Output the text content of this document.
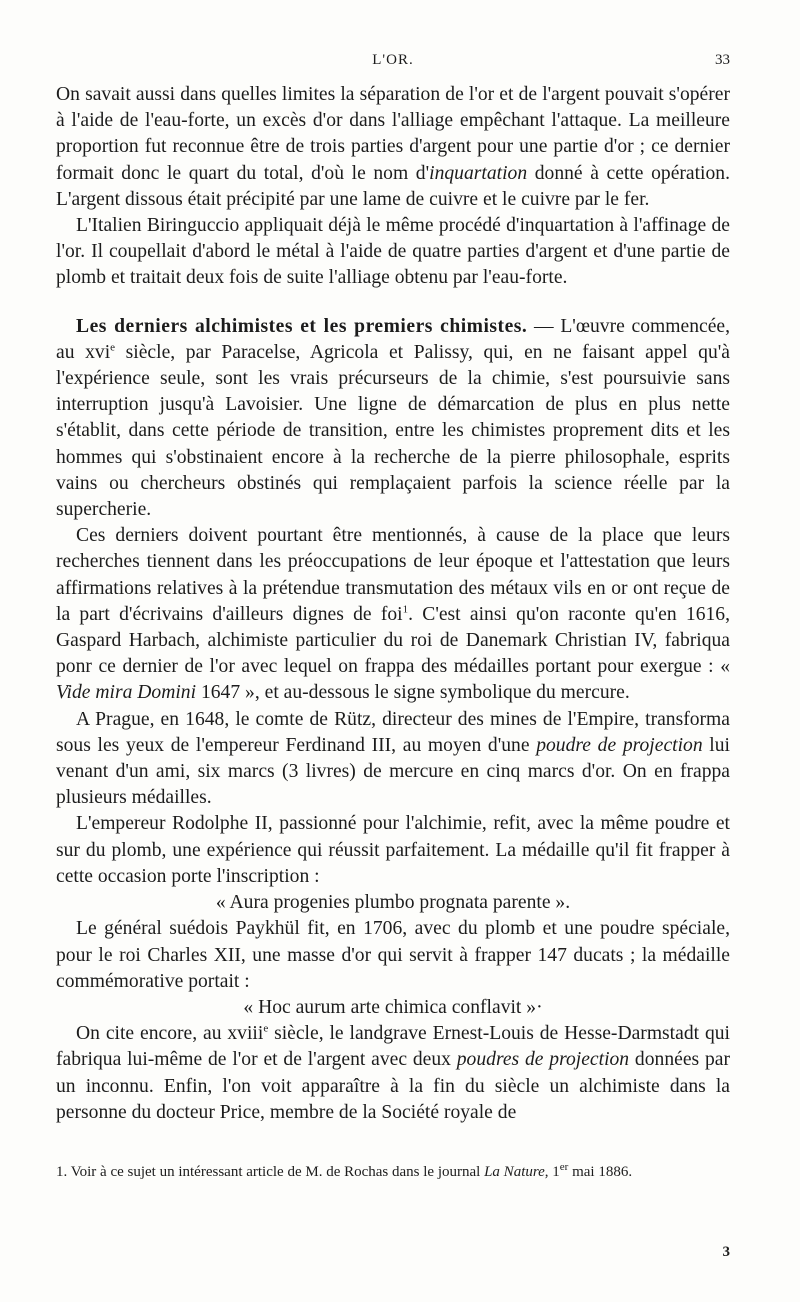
L'OR.	33

On savait aussi dans quelles limites la séparation de l'or et de l'argent pouvait s'opérer à l'aide de l'eau-forte, un excès d'or dans l'alliage empêchant l'attaque. La meilleure proportion fut reconnue être de trois parties d'argent pour une partie d'or ; ce dernier formait donc le quart du total, d'où le nom d'inquartation donné à cette opération. L'argent dissous était précipité par une lame de cuivre et le cuivre par le fer.

L'Italien Biringuccio appliquait déjà le même procédé d'inquartation à l'affinage de l'or. Il coupellait d'abord le métal à l'aide de quatre parties d'argent et d'une partie de plomb et traitait deux fois de suite l'alliage obtenu par l'eau-forte.

Les derniers alchimistes et les premiers chimistes. — L'œuvre commencée, au xvi$^e$ siècle, par Paracelse, Agricola et Palissy, qui, en ne faisant appel qu'à l'expérience seule, sont les vrais précurseurs de la chimie, s'est poursuivie sans interruption jusqu'à Lavoisier. Une ligne de démarcation de plus en plus nette s'établit, dans cette période de transition, entre les chimistes proprement dits et les hommes qui s'obstinaient encore à la recherche de la pierre philosophale, esprits vains ou chercheurs obstinés qui remplaçaient parfois la science réelle par la supercherie.

Ces derniers doivent pourtant être mentionnés, à cause de la place que leurs recherches tiennent dans les préoccupations de leur époque et l'attestation que leurs affirmations relatives à la prétendue transmutation des métaux vils en or ont reçue de la part d'écrivains d'ailleurs dignes de foi$^1$. C'est ainsi qu'on raconte qu'en 1616, Gaspard Harbach, alchimiste particulier du roi de Danemark Christian IV, fabriqua ponr ce dernier de l'or avec lequel on frappa des médailles portant pour exergue : « Vide mira Domini 1647 », et au-dessous le signe symbolique du mercure.

A Prague, en 1648, le comte de Rütz, directeur des mines de l'Empire, transforma sous les yeux de l'empereur Ferdinand III, au moyen d'une poudre de projection lui venant d'un ami, six marcs (3 livres) de mercure en cinq marcs d'or. On en frappa plusieurs médailles.

L'empereur Rodolphe II, passionné pour l'alchimie, refit, avec la même poudre et sur du plomb, une expérience qui réussit parfaitement. La médaille qu'il fit frapper à cette occasion porte l'inscription :

« Aura progenies plumbo prognata parente ».

Le général suédois Paykhül fit, en 1706, avec du plomb et une poudre spéciale, pour le roi Charles XII, une masse d'or qui servit à frapper 147 ducats ; la médaille commémorative portait :

« Hoc aurum arte chimica conflavit »·

On cite encore, au xviii$^e$ siècle, le landgrave Ernest-Louis de Hesse-Darmstadt qui fabriqua lui-même de l'or et de l'argent avec deux poudres de projection données par un inconnu. Enfin, l'on voit apparaître à la fin du siècle un alchimiste dans la personne du docteur Price, membre de la Société royale de

1. Voir à ce sujet un intéressant article de M. de Rochas dans le journal La Nature, 1er mai 1886.
3
